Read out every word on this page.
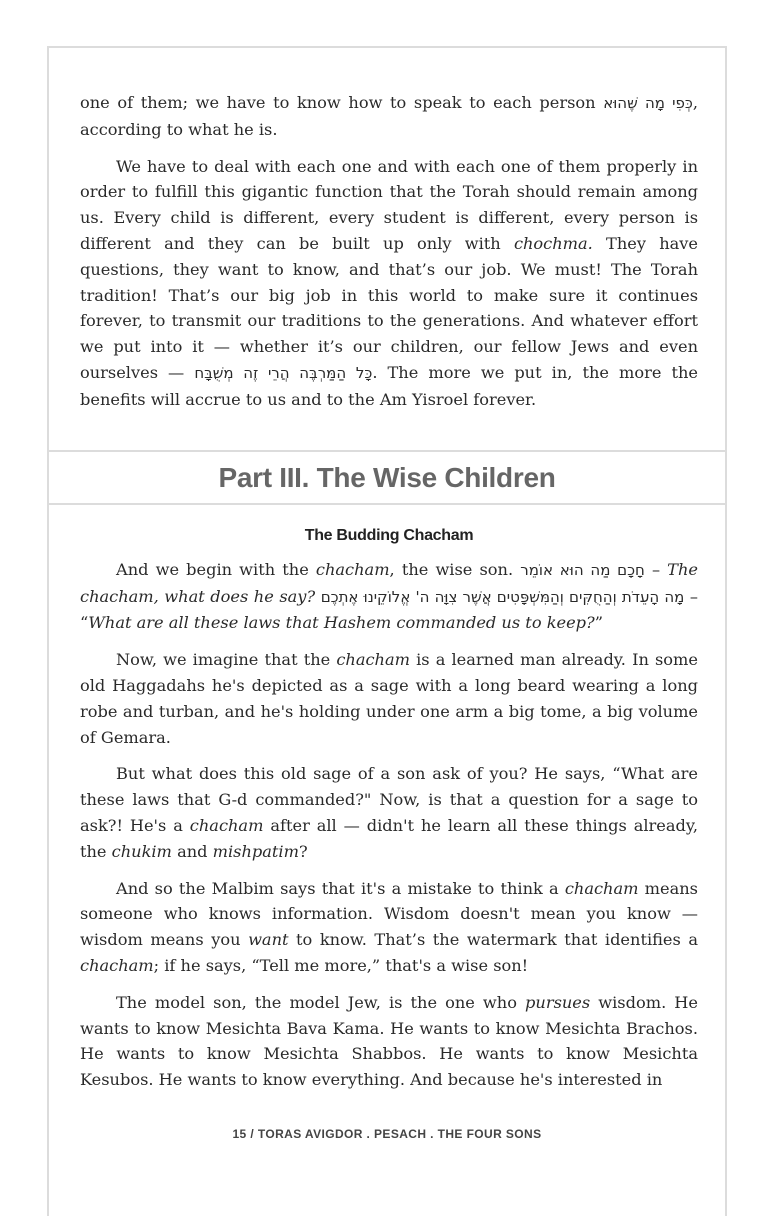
one of them; we have to know how to speak to each person כְּפִי מָה שֶּׁהוּא, according to what he is.

We have to deal with each one and with each one of them properly in order to fulfill this gigantic function that the Torah should remain among us. Every child is different, every student is different, every person is different and they can be built up only with chochma. They have questions, they want to know, and that’s our job. We must! The Torah tradition! That’s our big job in this world to make sure it continues forever, to transmit our traditions to the generations. And whatever effort we put into it — whether it’s our children, our fellow Jews and even ourselves — כָּל הַמַּרְבֶּה הֲרֵי זֶה מְשֻׁבָּח. The more we put in, the more the benefits will accrue to us and to the Am Yisroel forever.

Part III. The Wise Children
The Budding Chacham

And we begin with the chacham, the wise son. חָכָם מַה הוּא אוֹמֵר – The chacham, what does he say? מָה הָעֵדֹת וְהַחֻקִּים וְהַמִּשְׁפָּטִים אֲשֶׁר צִוָּה ה' אֱלוֹקֵינוּ אֶתְכֶם – “What are all these laws that Hashem commanded us to keep?”

Now, we imagine that the chacham is a learned man already. In some old Haggadahs he's depicted as a sage with a long beard wearing a long robe and turban, and he's holding under one arm a big tome, a big volume of Gemara.

But what does this old sage of a son ask of you? He says, “What are these laws that G-d commanded?" Now, is that a question for a sage to ask?! He's a chacham after all — didn't he learn all these things already, the chukim and mishpatim?

And so the Malbim says that it's a mistake to think a chacham means someone who knows information. Wisdom doesn't mean you know — wisdom means you want to know. That’s the watermark that identifies a chacham; if he says, “Tell me more,” that's a wise son!

The model son, the model Jew, is the one who pursues wisdom. He wants to know Mesichta Bava Kama. He wants to know Mesichta Brachos. He wants to know Mesichta Shabbos. He wants to know Mesichta Kesubos. He wants to know everything. And because he's interested in

15 / TORAS AVIGDOR . PESACH . THE FOUR SONS
